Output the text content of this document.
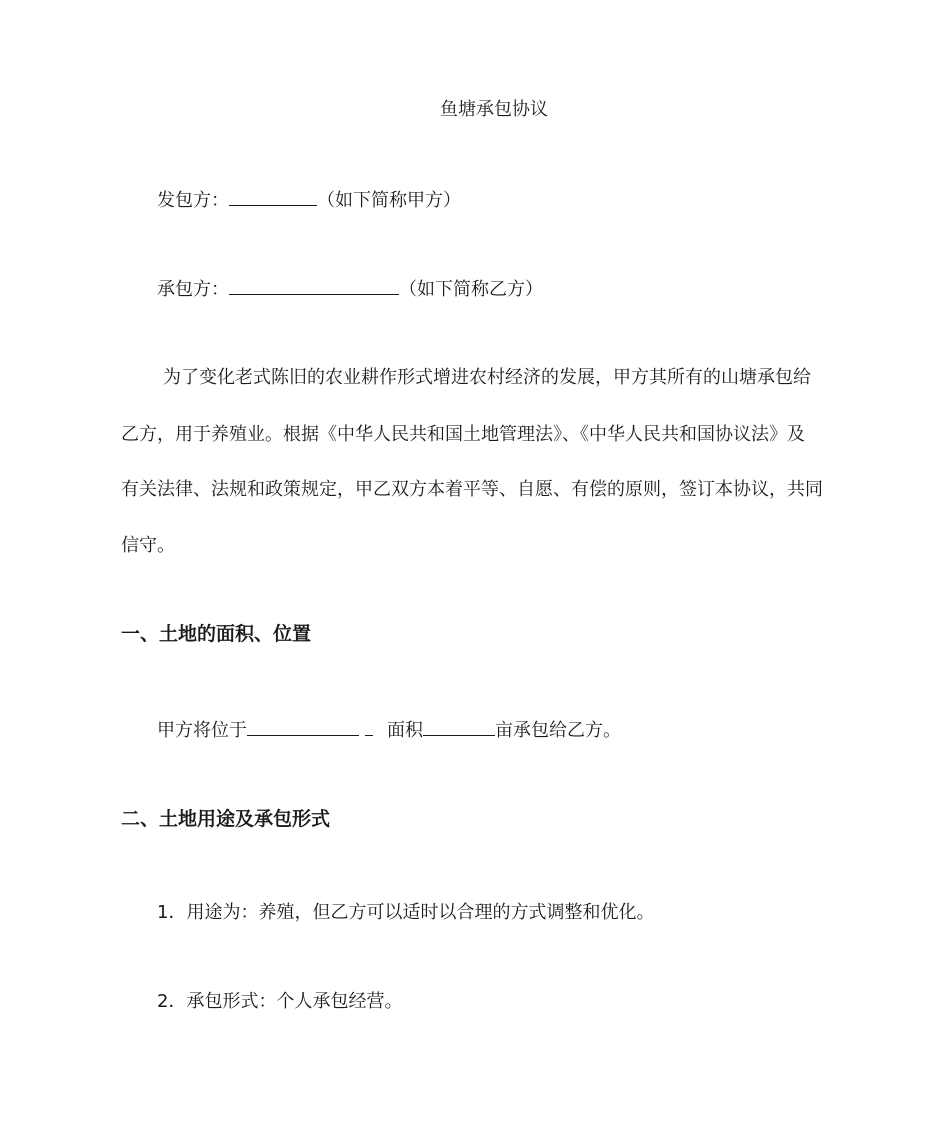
鱼塘承包协议
发包方：	（如下简称甲方）
承包方：	（如下简称乙方）
为了变化老式陈旧的农业耕作形式增进农村经济的发展，甲方其所有的山塘承包给
乙方，用于养殖业。根据《中华人民共和国土地管理法》、《中华人民共和国协议法》及
有关法律、法规和政策规定，甲乙双方本着平等、自愿、有偿的原则，签订本协议，共同
信守。
一、土地的面积、位置
甲方将位于	面积	亩承包给乙方。
二、土地用途及承包形式
1．用途为：养殖，但乙方可以适时以合理的方式调整和优化。
2．承包形式：个人承包经营。
